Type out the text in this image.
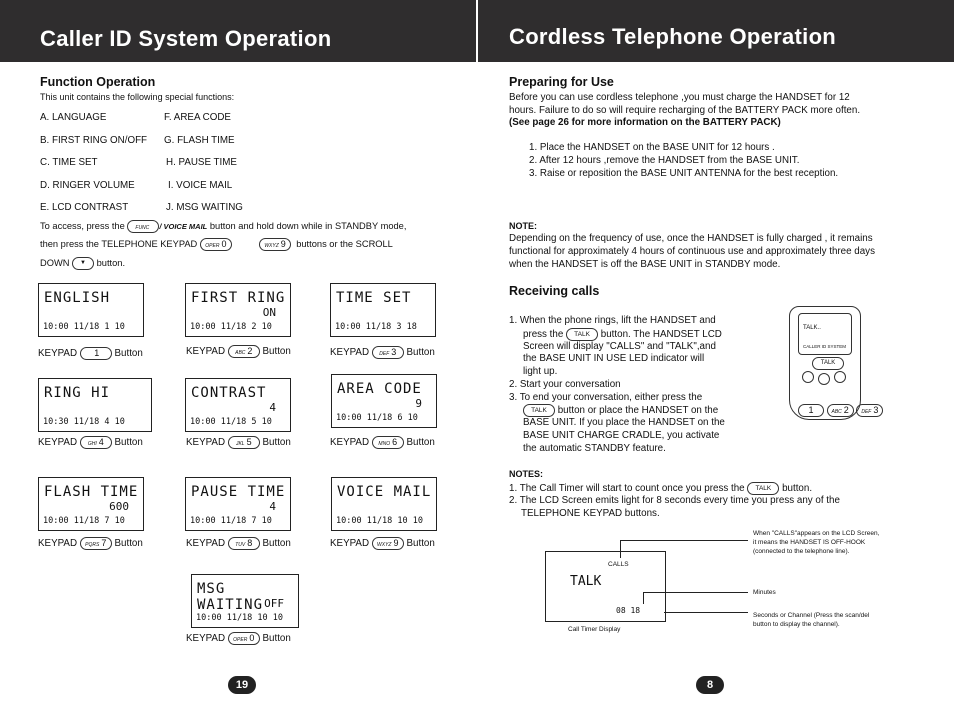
Caller ID System Operation	Cordless Telephone Operation
Function Operation
This unit contains the following special functions:
A. LANGUAGE	F. AREA CODE
B. FIRST RING ON/OFF G. FLASH TIME
C. TIME SET	H. PAUSE TIME
D. RINGER VOLUME	I. VOICE MAIL
E. LCD CONTRAST	J. MSG WAITING
To access, press the FUNC / VOICE MAIL button and hold down while in STANDBY mode,
then press the TELEPHONE KEYPAD OPER 0	WXYZ 9 buttons or the SCROLL
DOWN ▼ button.
ENGLISH
10:00 11/18 1 10
FIRST RING
ON
10:00 11/18 2 10
TIME SET
10:00 11/18 3 18
RING HI
10:30 11/18 4 10
CONTRAST
4
10:00 11/18 5 10
AREA CODE
9
10:00 11/18 6 10
FLASH TIME
600
10:00 11/18 7 10
PAUSE TIME
4
10:00 11/18 7 10
VOICE MAIL
10:00 11/18 10 10
MSG WAITING OFF
10:00 11/18 10 10
KEYPAD 1 Button	KEYPAD ABC 2 Button	KEYPAD DEF 3 Button
KEYPAD GHI 4 Button	KEYPAD JKL 5 Button	KEYPAD MNO 6 Button
KEYPAD PQRS 7 Button	KEYPAD TUV 8 Button	KEYPAD WXYZ 9 Button
KEYPAD OPER 0 Button
19
Preparing for Use
Before you can use cordless telephone ,you must charge the HANDSET for 12
hours. Failure to do so will require recharging of the BATTERY PACK more often.
(See page 26 for more information on the BATTERY PACK)
1. Place the HANDSET on the BASE UNIT for 12 hours .
2. After 12 hours ,remove the HANDSET from the BASE UNIT.
3. Raise or reposition the BASE UNIT ANTENNA for the best reception.
NOTE:
Depending on the frequency of use, once the HANDSET is fully charged , it remains
functional for approximately 4 hours of continuous use and approximately three days
when the HANDSET is off the BASE UNIT in STANDBY mode.
Receiving calls
1. When the phone rings, lift the HANDSET and
press the TALK button. The HANDSET LCD
Screen will display "CALLS" and "TALK",and
the BASE UNIT IN USE LED indicator will
light up.
2. Start your conversation
3. To end your conversation, either press the
TALK button or place the HANDSET on the
BASE UNIT. If you place the HANDSET on the
BASE UNIT CHARGE CRADLE, you activate
the automatic STANDBY feature.
TALK..
CALLER ID SYSTEM
TALK
1	ABC 2	DEF 3
NOTES:
1. The Call Timer will start to count once you press the TALK button.
2. The LCD Screen emits light for 8 seconds every time you press any of the
TELEPHONE KEYPAD buttons.
CALLS
TALK
08 18
Call Timer Display
When "CALLS"appears on the LCD Screen,
it means the HANDSET IS OFF-HOOK
(connected to the telephone line).
Minutes
Seconds or Channel (Press the scan/del
button to display the channel).
8
